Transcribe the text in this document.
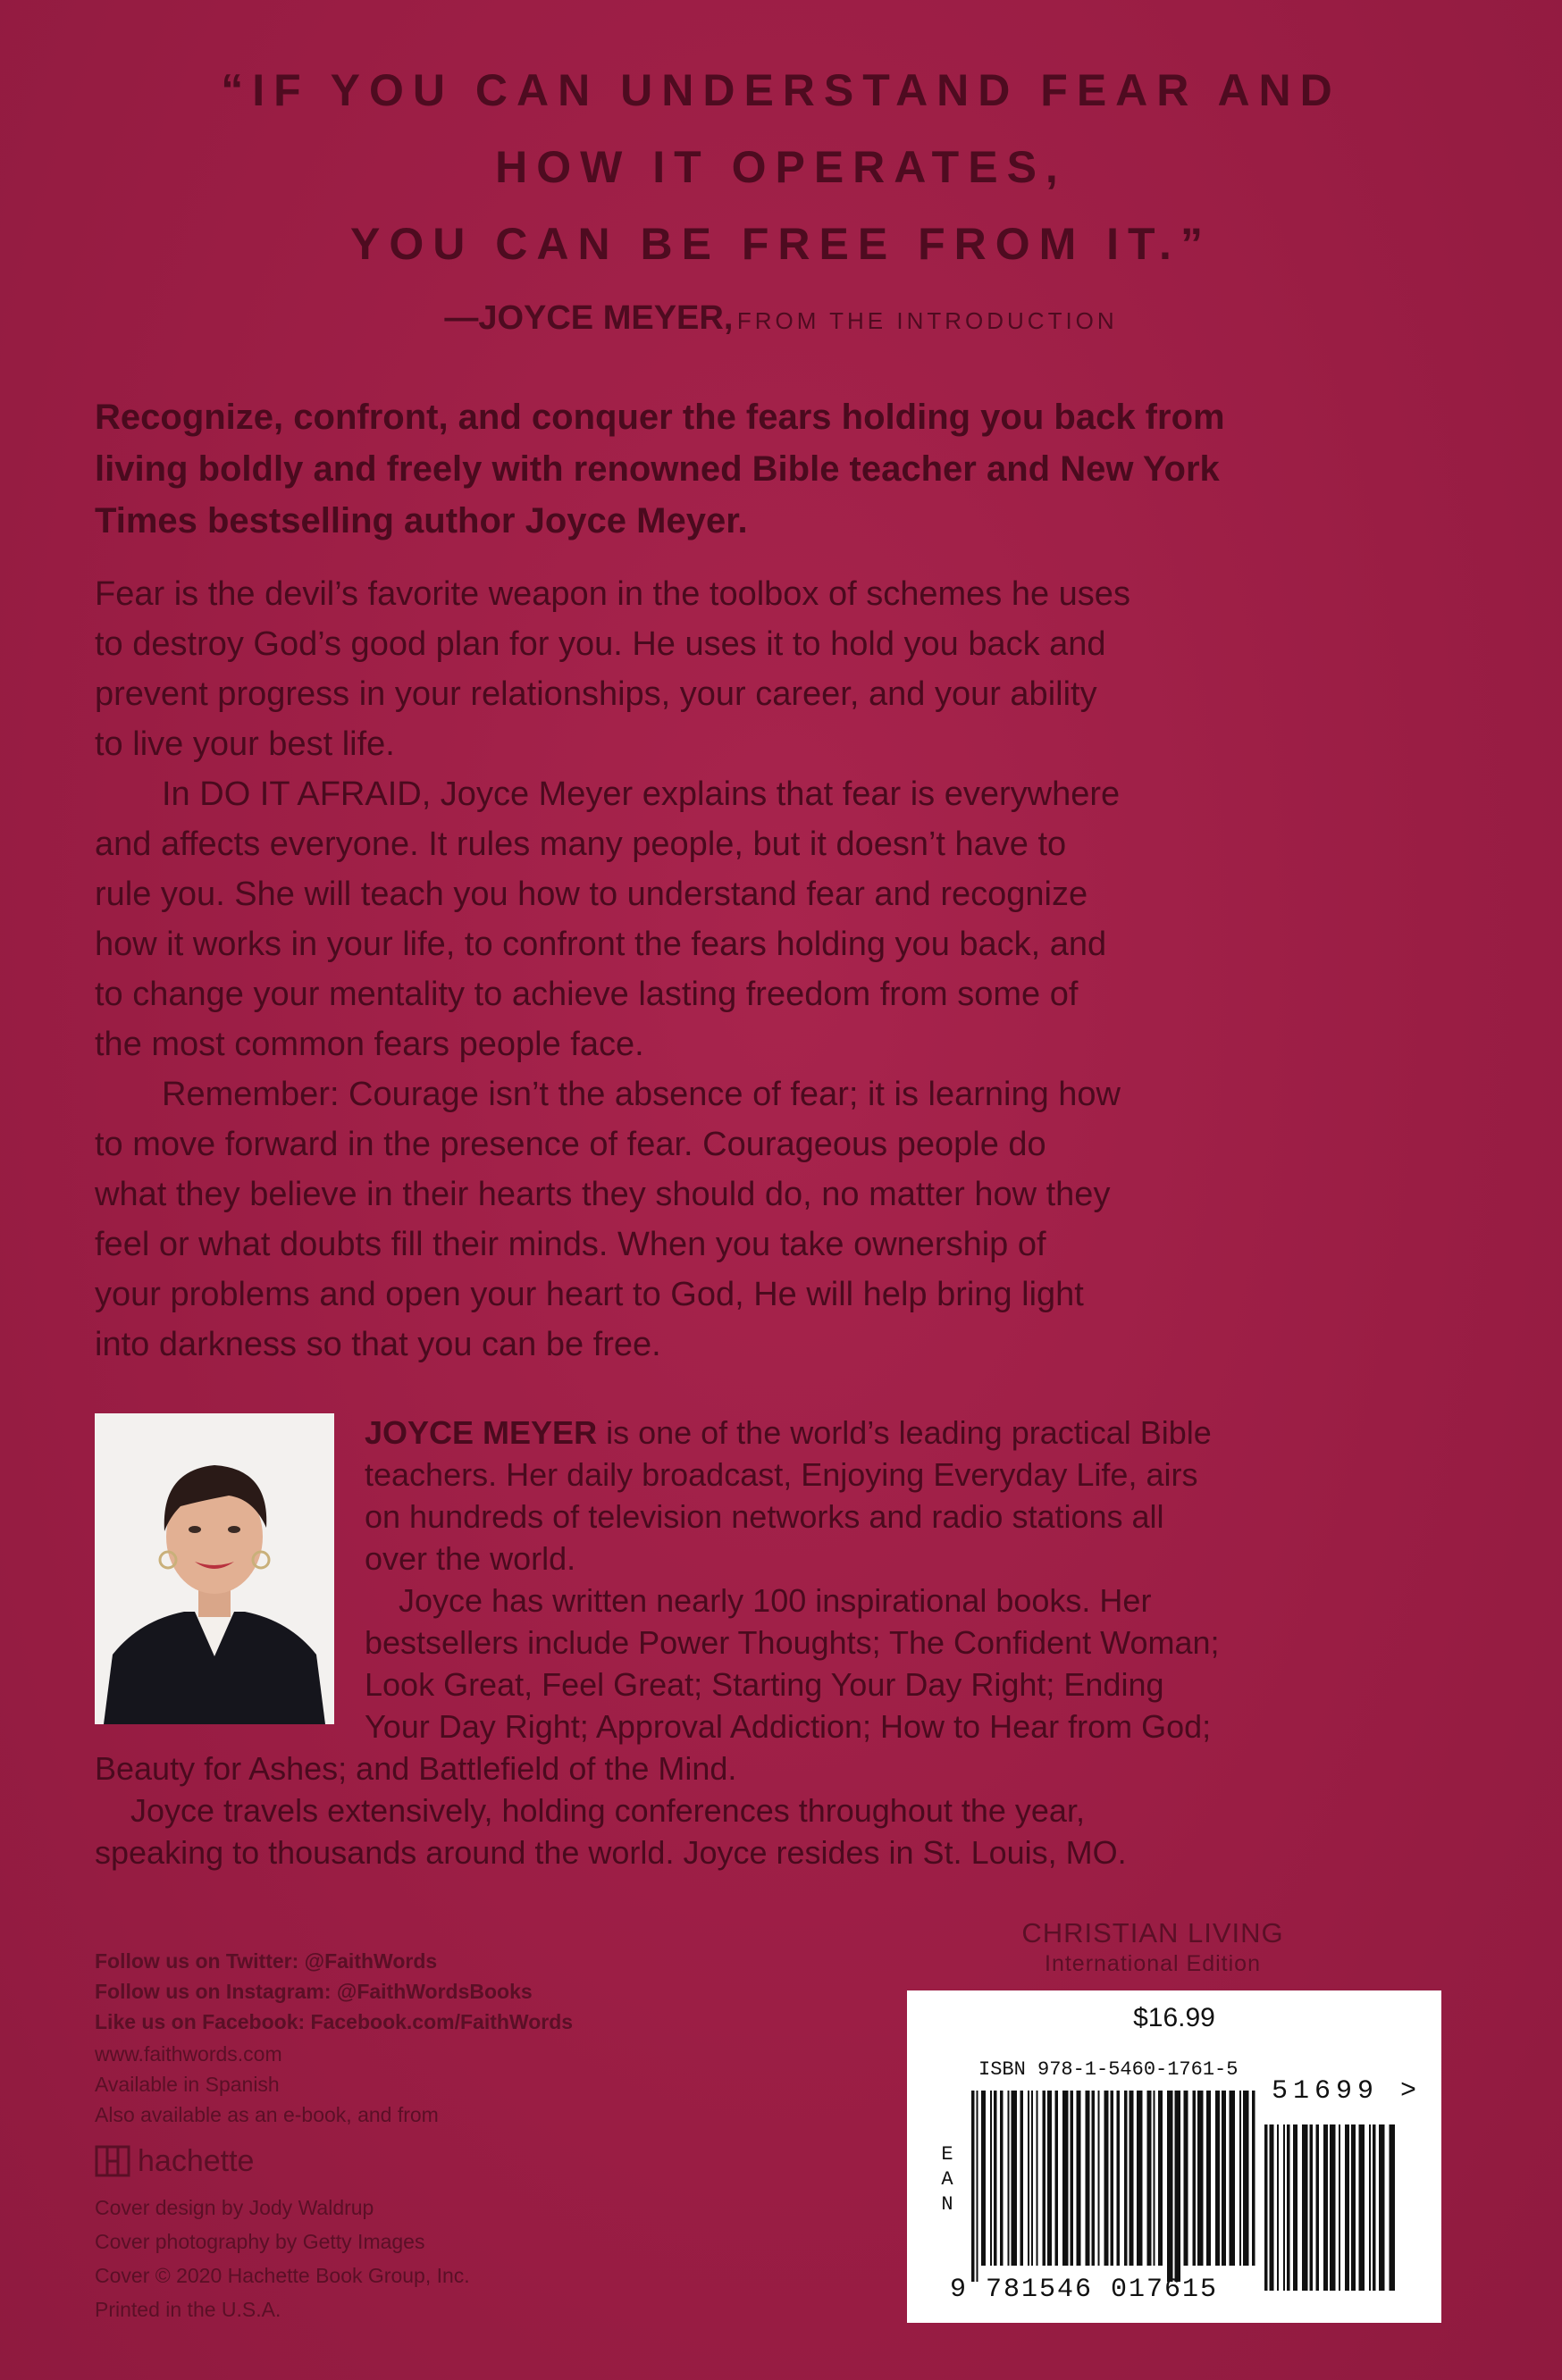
“IF YOU CAN UNDERSTAND FEAR AND
HOW IT OPERATES,
YOU CAN BE FREE FROM IT.”
—JOYCE MEYER, FROM THE INTRODUCTION
Recognize, confront, and conquer the fears holding you back from
living boldly and freely with renowned Bible teacher and New York
Times bestselling author Joyce Meyer.
Fear is the devil’s favorite weapon in the toolbox of schemes he uses
to destroy God’s good plan for you. He uses it to hold you back and
prevent progress in your relationships, your career, and your ability
to live your best life.
In DO IT AFRAID, Joyce Meyer explains that fear is everywhere
and affects everyone. It rules many people, but it doesn’t have to
rule you. She will teach you how to understand fear and recognize
how it works in your life, to confront the fears holding you back, and
to change your mentality to achieve lasting freedom from some of
the most common fears people face.
Remember: Courage isn’t the absence of fear; it is learning how
to move forward in the presence of fear. Courageous people do
what they believe in their hearts they should do, no matter how they
feel or what doubts fill their minds. When you take ownership of
your problems and open your heart to God, He will help bring light
into darkness so that you can be free.
JOYCE MEYER is one of the world’s leading practical Bible
teachers. Her daily broadcast, Enjoying Everyday Life, airs
on hundreds of television networks and radio stations all
over the world.
Joyce has written nearly 100 inspirational books. Her
bestsellers include Power Thoughts; The Confident Woman;
Look Great, Feel Great; Starting Your Day Right; Ending
Your Day Right; Approval Addiction; How to Hear from God;
Beauty for Ashes; and Battlefield of the Mind.
Joyce travels extensively, holding conferences throughout the year,
speaking to thousands around the world. Joyce resides in St. Louis, MO.
Follow us on Twitter: @FaithWords
Follow us on Instagram: @FaithWordsBooks
Like us on Facebook: Facebook.com/FaithWords
www.faithwords.com
Available in Spanish
Also available as an e-book, and from
hachette
Cover design by Jody Waldrup
Cover photography by Getty Images
Cover © 2020 Hachette Book Group, Inc.
Printed in the U.S.A.
CHRISTIAN LIVING
International Edition
$16.99
ISBN 978-1-5460-1761-5
E
A
N
51699 >
9 781546 017615
